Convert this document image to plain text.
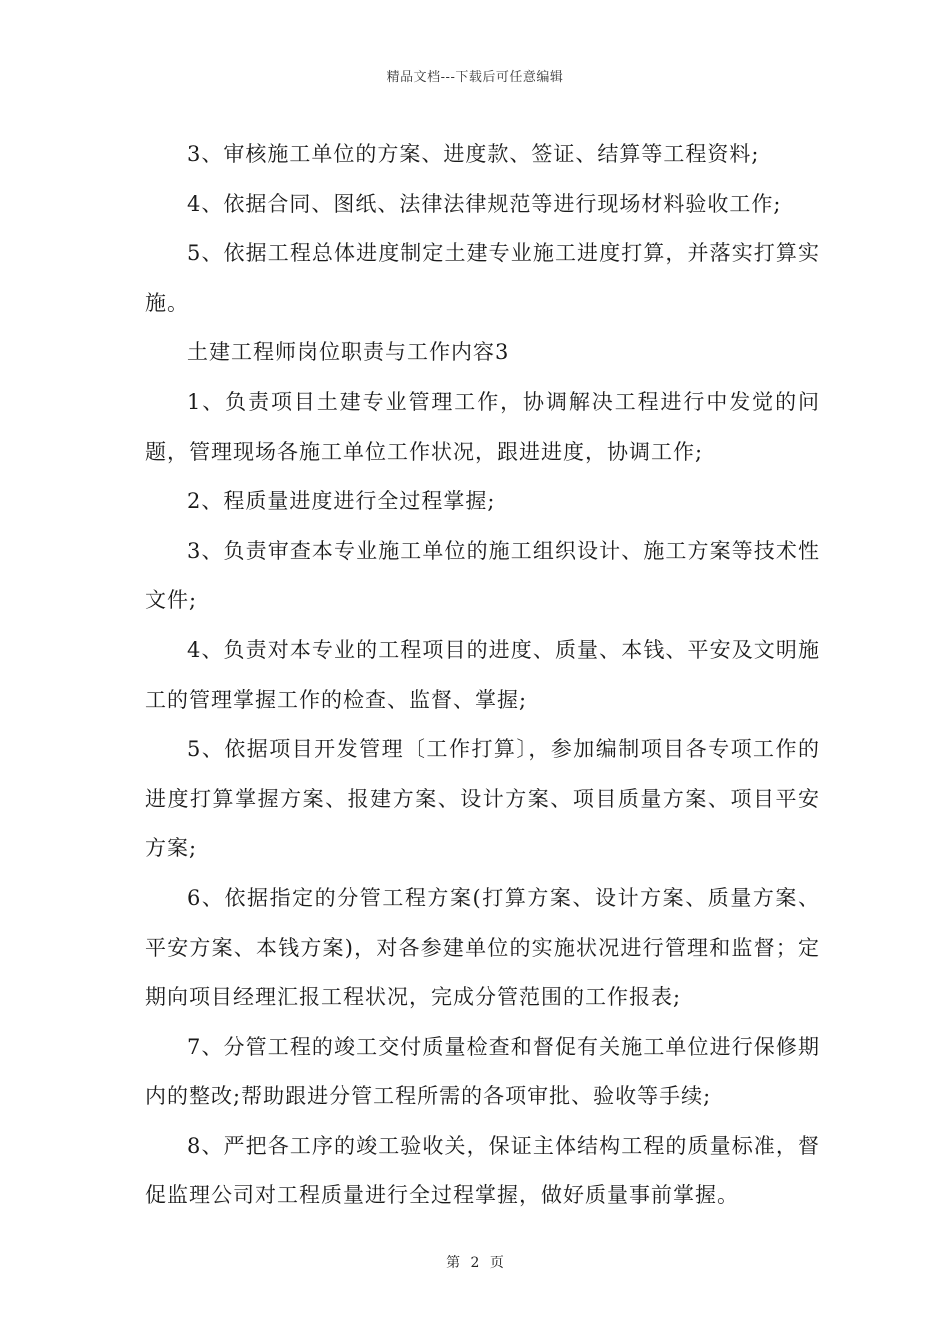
精品文档---下载后可任意编辑

3、审核施工单位的方案、进度款、签证、结算等工程资料;

4、依据合同、图纸、法律法律规范等进行现场材料验收工作;

5、依据工程总体进度制定土建专业施工进度打算，并落实打算实施。

土建工程师岗位职责与工作内容3

1、负责项目土建专业管理工作，协调解决工程进行中发觉的问题，管理现场各施工单位工作状况，跟进进度，协调工作;

2、程质量进度进行全过程掌握;

3、负责审查本专业施工单位的施工组织设计、施工方案等技术性文件;

4、负责对本专业的工程项目的进度、质量、本钱、平安及文明施工的管理掌握工作的检查、监督、掌握;

5、依据项目开发管理〔工作打算〕，参加编制项目各专项工作的进度打算掌握方案、报建方案、设计方案、项目质量方案、项目平安方案;

6、依据指定的分管工程方案(打算方案、设计方案、质量方案、平安方案、本钱方案)，对各参建单位的实施状况进行管理和监督；定期向项目经理汇报工程状况，完成分管范围的工作报表;

7、分管工程的竣工交付质量检查和督促有关施工单位进行保修期内的整改;帮助跟进分管工程所需的各项审批、验收等手续;

8、严把各工序的竣工验收关，保证主体结构工程的质量标准，督促监理公司对工程质量进行全过程掌握，做好质量事前掌握。

第 2 页
